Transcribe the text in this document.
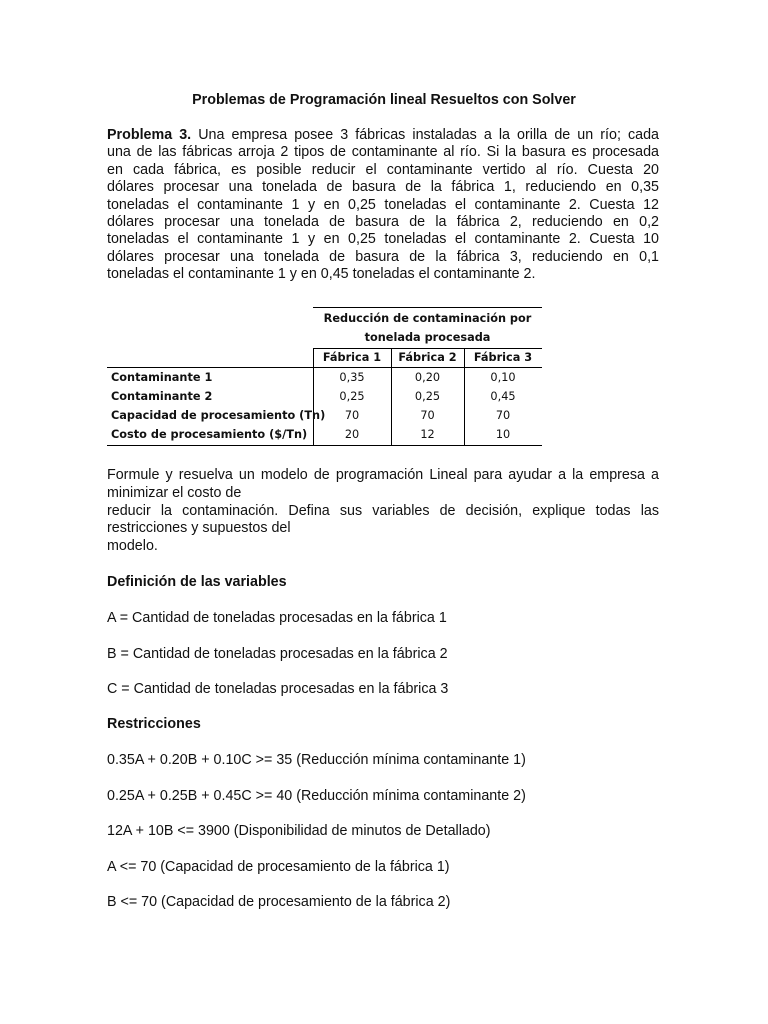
Problemas de Programación lineal Resueltos con Solver
Problema 3. Una empresa posee 3 fábricas instaladas a la orilla de un río; cada
una de las fábricas arroja 2 tipos de contaminante al río. Si la basura es procesada
en cada fábrica, es posible reducir el contaminante vertido al río. Cuesta 20
dólares procesar una tonelada de basura de la fábrica 1, reduciendo en 0,35
toneladas el contaminante 1 y en 0,25 toneladas el contaminante 2. Cuesta 12
dólares procesar una tonelada de basura de la fábrica 2, reduciendo en 0,2
toneladas el contaminante 1 y en 0,25 toneladas el contaminante 2. Cuesta 10
dólares procesar una tonelada de basura de la fábrica 3, reduciendo en 0,1
toneladas el contaminante 1 y en 0,45 toneladas el contaminante 2.
Reducción de contaminación por
tonelada procesada
Fábrica 1	Fábrica 2	Fábrica 3
Contaminante 1	0,35	0,20	0,10
Contaminante 2	0,25	0,25	0,45
Capacidad de procesamiento (Tn)	70	70	70
Costo de procesamiento ($/Tn)	20	12	10
Formule y resuelva un modelo de programación Lineal para ayudar a la empresa a
minimizar el costo de
reducir la contaminación. Defina sus variables de decisión, explique todas las
restricciones y supuestos del
modelo.
Definición de las variables
A = Cantidad de toneladas procesadas en la fábrica 1
B = Cantidad de toneladas procesadas en la fábrica 2
C = Cantidad de toneladas procesadas en la fábrica 3
Restricciones
0.35A + 0.20B + 0.10C >= 35 (Reducción mínima contaminante 1)
0.25A + 0.25B + 0.45C >= 40 (Reducción mínima contaminante 2)
12A + 10B <= 3900 (Disponibilidad de minutos de Detallado)
A <= 70 (Capacidad de procesamiento de la fábrica 1)
B <= 70 (Capacidad de procesamiento de la fábrica 2)
